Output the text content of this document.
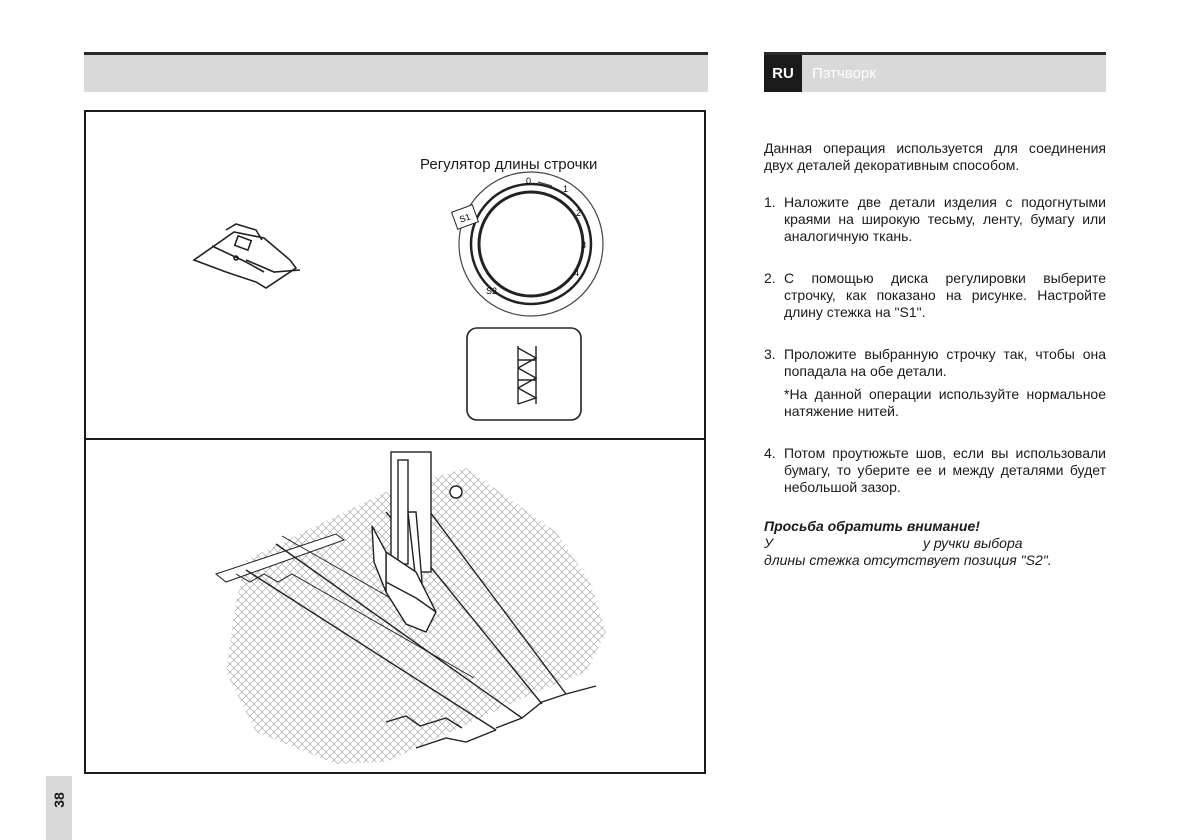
Регулятор длины строчки
S1
0
1
2
3
4
S2
RU	Пэтчворк

Данная операция используется для соединения двух деталей декоративным способом.

1. Наложите две детали изделия с подогнутыми краями на широкую тесьму, ленту, бумагу или аналогичную ткань.

2. С помощью диска регулировки выберите строчку, как показано на рисунке. Настройте длину стежка на "S1".

3. Проложите выбранную строчку так, чтобы она попадала на обе детали.

*На данной операции используйте нормальное натяжение нитей.

4. Потом проутюжьте шов, если вы использовали бумагу, то уберите ее и между деталями будет небольшой зазор.

Просьба обратить внимание!

У	у ручки выбора

длины стежка отсутствует позиция "S2".

38
